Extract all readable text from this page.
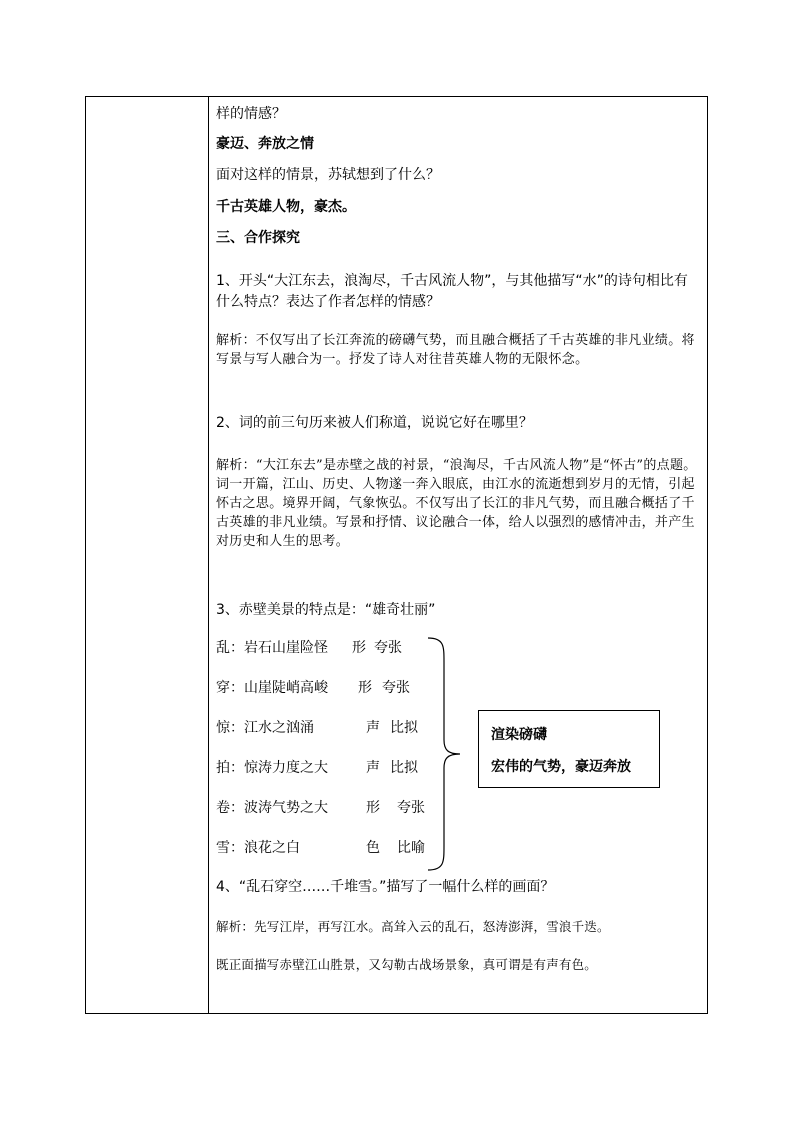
样的情感？
豪迈、奔放之情
面对这样的情景，苏轼想到了什么？
千古英雄人物，豪杰。
三、合作探究
1、开头“大江东去，浪淘尽，千古风流人物”，与其他描写“水”的诗句相比有什么特点？表达了作者怎样的情感？
解析：不仅写出了长江奔流的磅礴气势，而且融合概括了千古英雄的非凡业绩。将写景与写人融合为一。抒发了诗人对往昔英雄人物的无限怀念。
2、词的前三句历来被人们称道，说说它好在哪里？
解析：“大江东去”是赤壁之战的衬景，“浪淘尽，千古风流人物”是“怀古”的点题。词一开篇，江山、历史、人物遂一奔入眼底，由江水的流逝想到岁月的无情，引起怀古之思。境界开阔，气象恢弘。不仅写出了长江的非凡气势，而且融合概括了千古英雄的非凡业绩。写景和抒情、议论融合一体，给人以强烈的感情冲击，并产生对历史和人生的思考。
3、赤壁美景的特点是：“雄奇壮丽”
乱：岩石山崖险怪 形 夸张
穿：山崖陡峭高峻 形 夸张
惊：江水之汹涌	声 比拟
拍：惊涛力度之大	声 比拟
卷：波涛气势之大	形 夸张
雪：浪花之白	色 比喻
渲染磅礴
宏伟的气势，豪迈奔放
4、“乱石穿空……千堆雪。”描写了一幅什么样的画面？
解析：先写江岸，再写江水。高耸入云的乱石，怒涛澎湃，雪浪千迭。
既正面描写赤壁江山胜景，又勾勒古战场景象，真可谓是有声有色。
